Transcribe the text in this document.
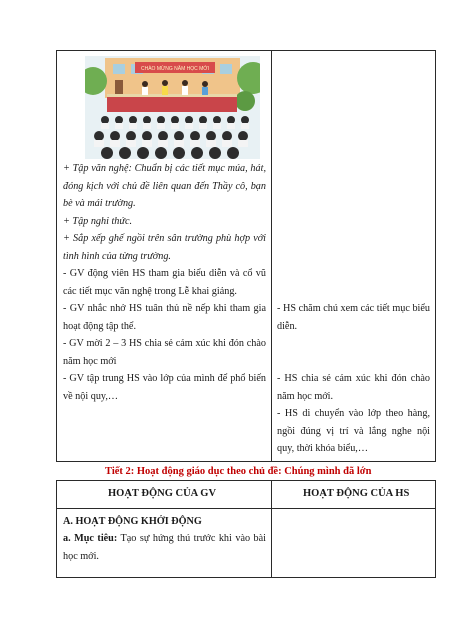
CHÀO MỪNG NĂM HỌC MỚI
+ Tập văn nghệ: Chuẩn bị các tiết mục múa, hát,
đóng kịch với chủ đề liên quan đến Thầy cô, bạn
bè và mái trường.
+ Tập nghi thức.
+ Sắp xếp ghế ngồi trên sân trường phù hợp với
tình hình của từng trường.
- GV động viên HS tham gia biểu diễn và cổ vũ
các tiết mục văn nghệ trong Lễ khai giảng.
- GV nhắc nhở HS tuân thủ nề nếp khi tham gia
hoạt động tập thể.
- GV mời 2 – 3 HS chia sẻ cảm xúc khi đón chào
năm học mới
- GV tập trung HS vào lớp của mình để phổ biến
về nội quy,…
- HS chăm chú xem các tiết mục biểu
diễn.
- HS chia sẻ cảm xúc khi đón chào
năm học mới.
- HS di chuyển vào lớp theo hàng,
ngồi đúng vị trí và lắng nghe nội
quy, thời khóa biểu,…
Tiết 2: Hoạt động giáo dục theo chủ đề: Chúng mình đã lớn
HOẠT ĐỘNG CỦA GV	HOẠT ĐỘNG CỦA HS
A. HOẠT ĐỘNG KHỞI ĐỘNG
a. Mục tiêu: Tạo sự hứng thú trước khi vào bài
học mới.
